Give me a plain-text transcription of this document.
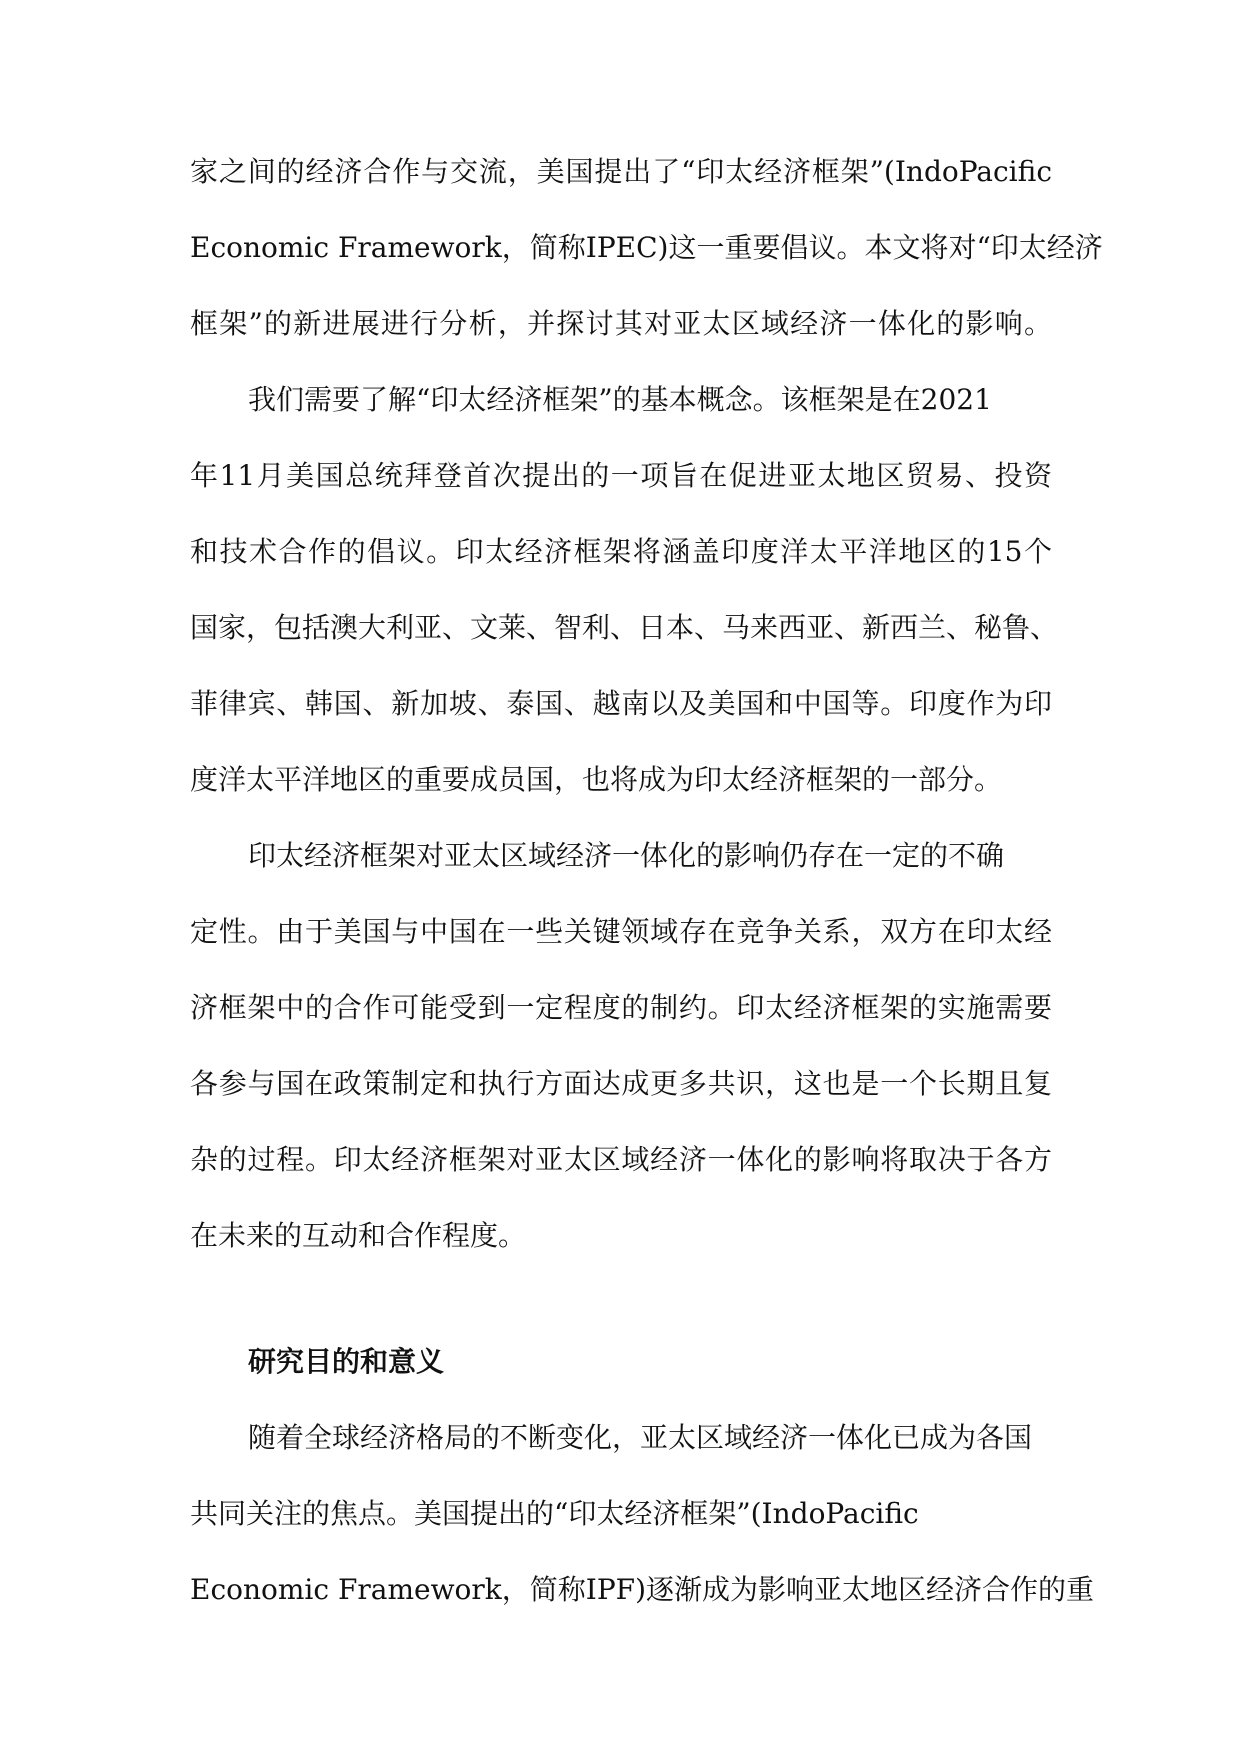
家之间的经济合作与交流，美国提出了“印太经济框架”(IndoPacific
Economic Framework，简称IPEC)这一重要倡议。本文将对“印太经济
框架”的新进展进行分析，并探讨其对亚太区域经济一体化的影响。
我们需要了解“印太经济框架”的基本概念。该框架是在2021
年11月美国总统拜登首次提出的一项旨在促进亚太地区贸易、投资
和技术合作的倡议。印太经济框架将涵盖印度洋太平洋地区的15个
国家，包括澳大利亚、文莱、智利、日本、马来西亚、新西兰、秘鲁、
菲律宾、韩国、新加坡、泰国、越南以及美国和中国等。印度作为印
度洋太平洋地区的重要成员国，也将成为印太经济框架的一部分。
印太经济框架对亚太区域经济一体化的影响仍存在一定的不确
定性。由于美国与中国在一些关键领域存在竞争关系，双方在印太经
济框架中的合作可能受到一定程度的制约。印太经济框架的实施需要
各参与国在政策制定和执行方面达成更多共识，这也是一个长期且复
杂的过程。印太经济框架对亚太区域经济一体化的影响将取决于各方
在未来的互动和合作程度。
研究目的和意义
随着全球经济格局的不断变化，亚太区域经济一体化已成为各国
共同关注的焦点。美国提出的“印太经济框架”(IndoPacific
Economic Framework，简称IPF)逐渐成为影响亚太地区经济合作的重
